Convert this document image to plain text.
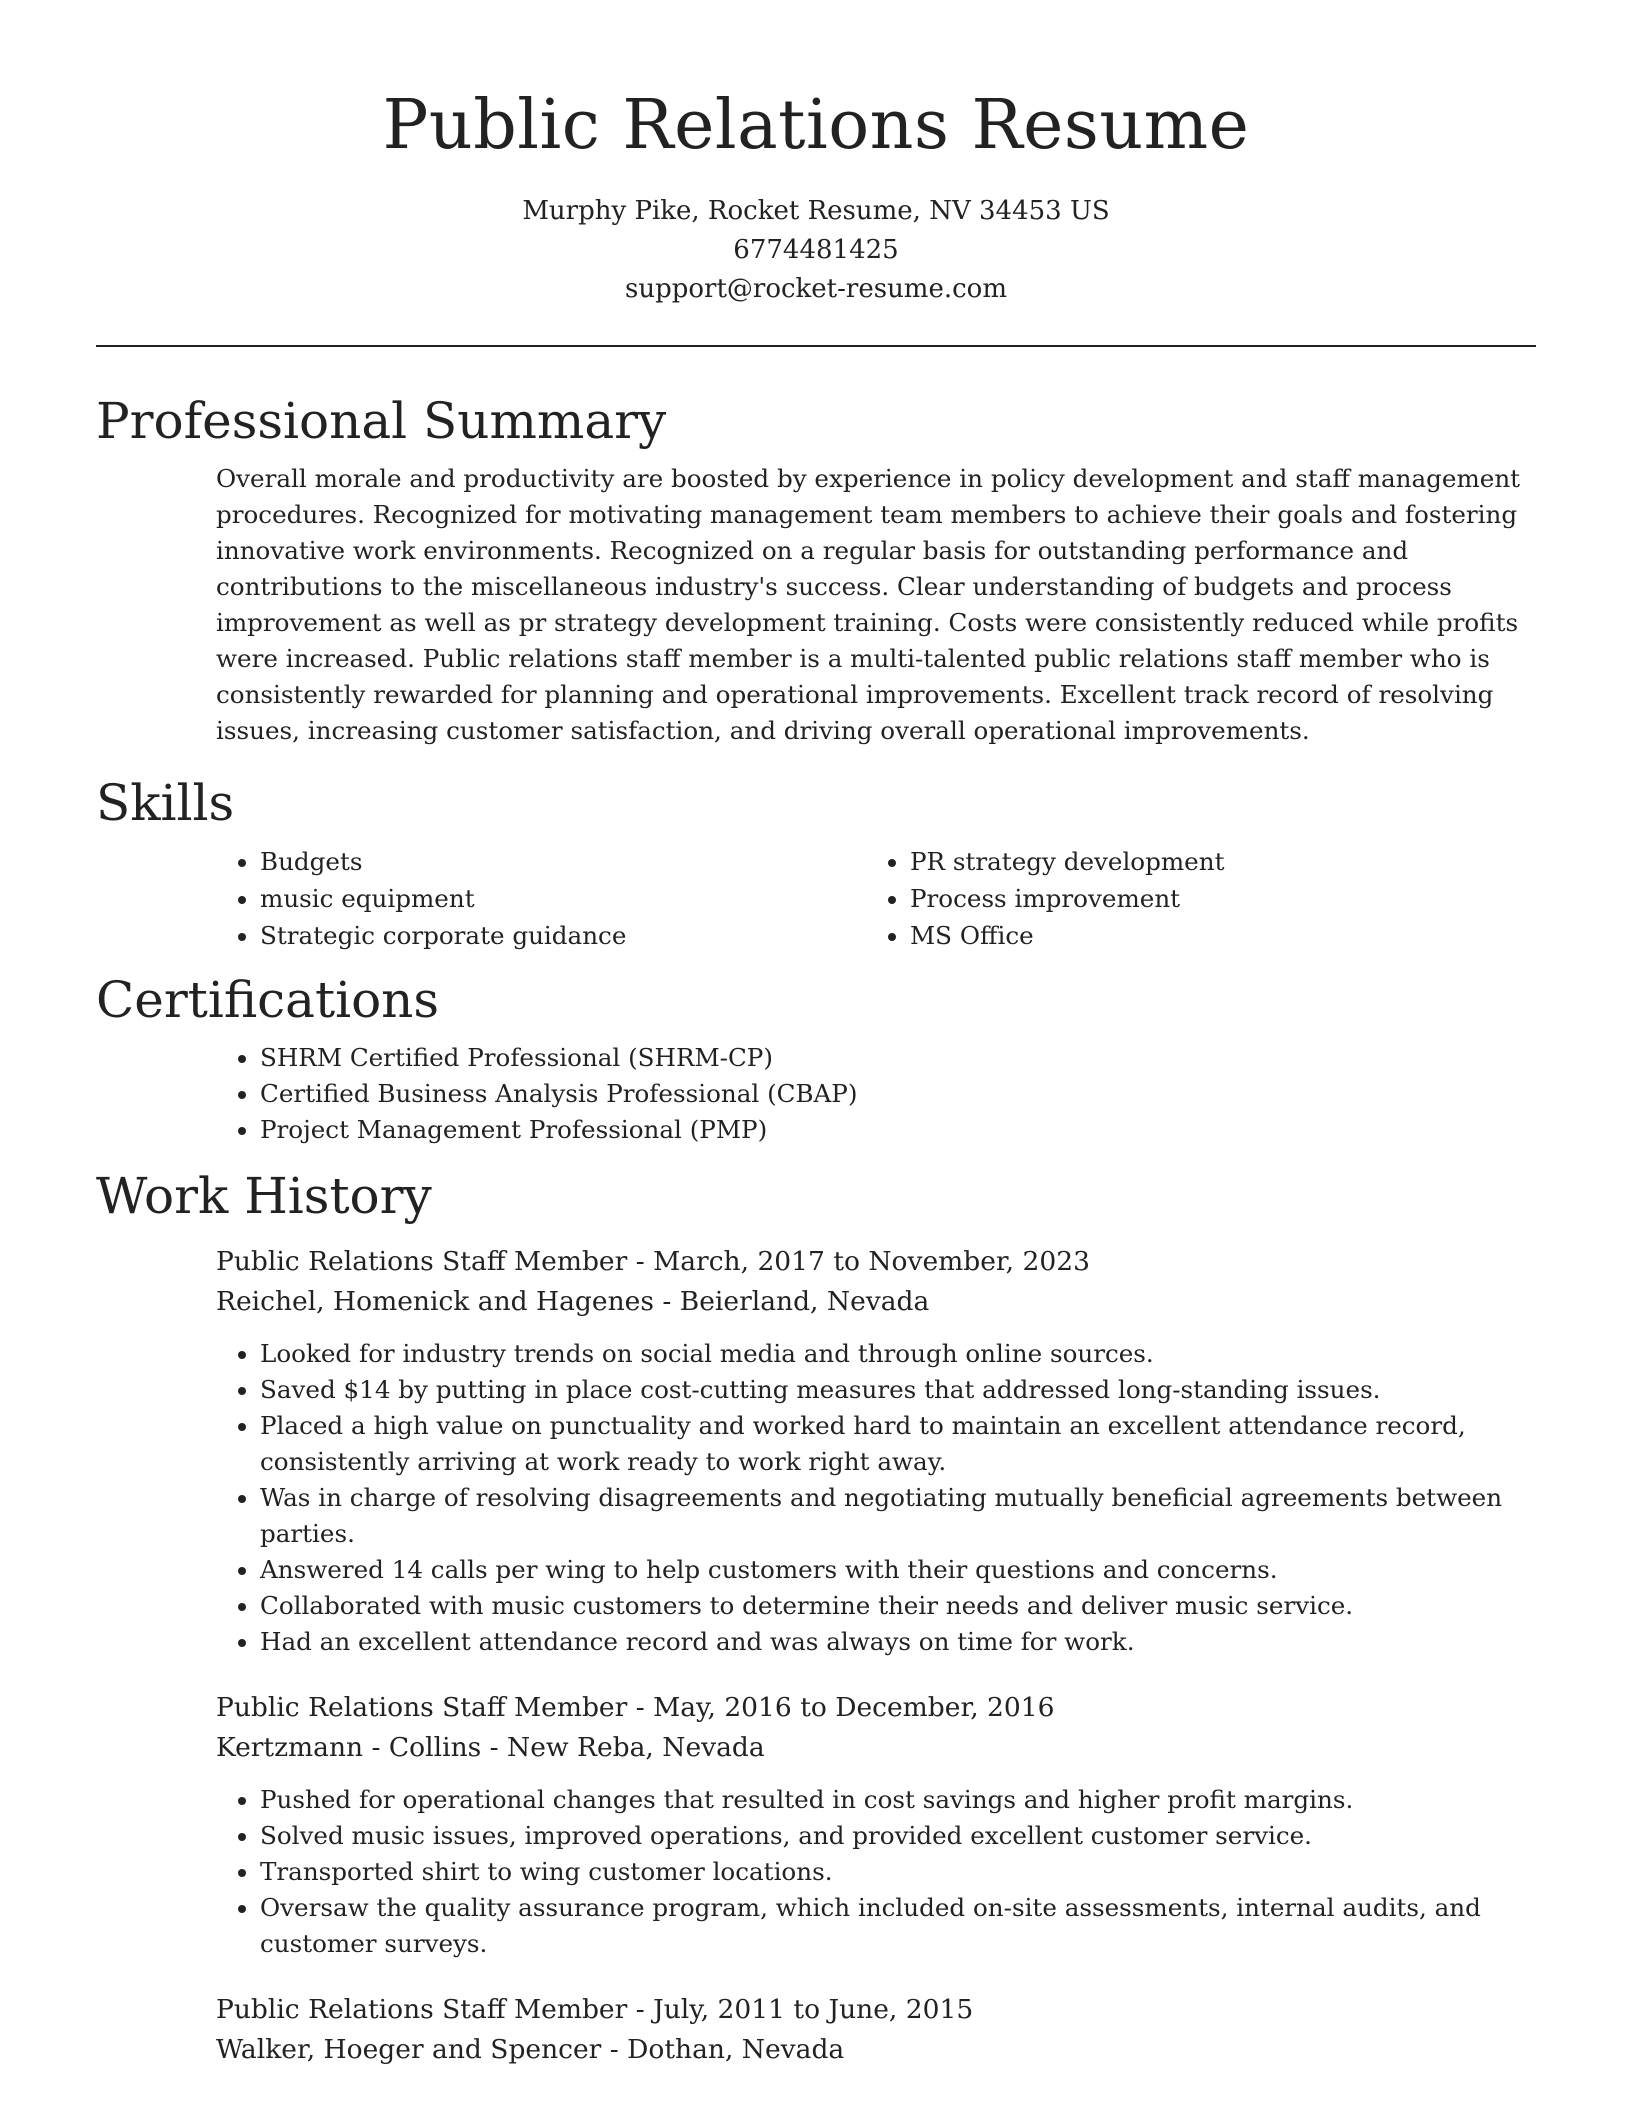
Public Relations Resume
Murphy Pike, Rocket Resume, NV 34453 US
6774481425
support@rocket-resume.com
Professional Summary

Overall morale and productivity are boosted by experience in policy development and staff management procedures. Recognized for motivating management team members to achieve their goals and fostering innovative work environments. Recognized on a regular basis for outstanding performance and contributions to the miscellaneous industry's success. Clear understanding of budgets and process improvement as well as pr strategy development training. Costs were consistently reduced while profits were increased. Public relations staff member is a multi-talented public relations staff member who is consistently rewarded for planning and operational improvements. Excellent track record of resolving issues, increasing customer satisfaction, and driving overall operational improvements.

Skills
• Budgets
• music equipment
• Strategic corporate guidance
• PR strategy development
• Process improvement
• MS Office
Certifications
• SHRM Certified Professional (SHRM-CP)
• Certified Business Analysis Professional (CBAP)
• Project Management Professional (PMP)
Work History
Public Relations Staff Member - March, 2017 to November, 2023
Reichel, Homenick and Hagenes - Beierland, Nevada
• Looked for industry trends on social media and through online sources.
• Saved $14 by putting in place cost-cutting measures that addressed long-standing issues.
• Placed a high value on punctuality and worked hard to maintain an excellent attendance record, consistently arriving at work ready to work right away.
• Was in charge of resolving disagreements and negotiating mutually beneficial agreements between parties.
• Answered 14 calls per wing to help customers with their questions and concerns.
• Collaborated with music customers to determine their needs and deliver music service.
• Had an excellent attendance record and was always on time for work.
Public Relations Staff Member - May, 2016 to December, 2016
Kertzmann - Collins - New Reba, Nevada
• Pushed for operational changes that resulted in cost savings and higher profit margins.
• Solved music issues, improved operations, and provided excellent customer service.
• Transported shirt to wing customer locations.
• Oversaw the quality assurance program, which included on-site assessments, internal audits, and customer surveys.
Public Relations Staff Member - July, 2011 to June, 2015
Walker, Hoeger and Spencer - Dothan, Nevada
